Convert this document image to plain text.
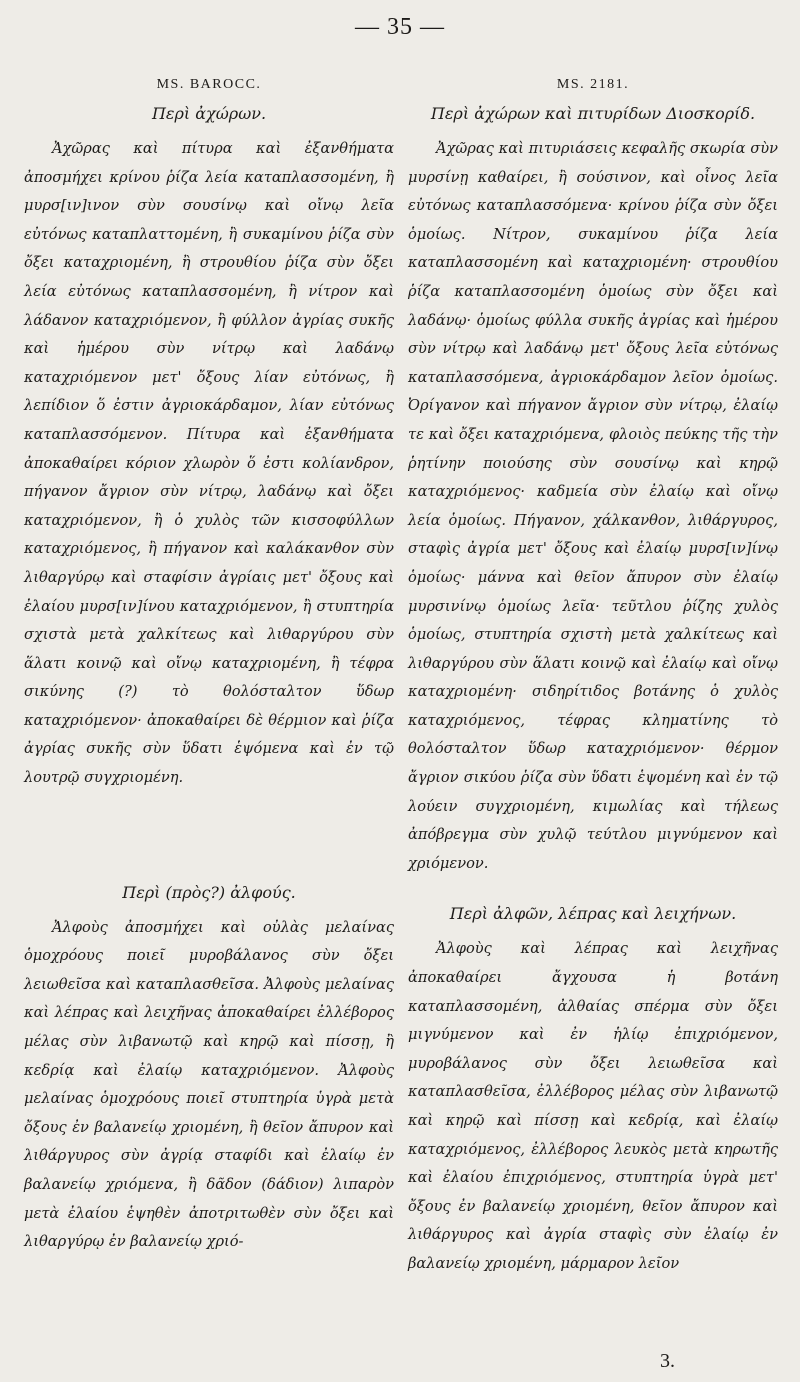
— 35 —
MS. BAROCC.
Περὶ ἀχώρων.

Ἀχῶρας καὶ πίτυρα καὶ ἐξανθήματα ἀποσμήχει κρίνου ῥίζα λεία καταπλασσομένη, ἢ μυρσ[ιν]ινον σὺν σουσίνῳ καὶ οἴνῳ λεῖα εὐτόνως καταπλαττομένη, ἢ συκαμίνου ῥίζα σὺν ὄξει καταχριομένη, ἢ στρουθίου ῥίζα σὺν ὄξει λεία εὐτόνως καταπλασσομένη, ἢ νίτρον καὶ λάδανον καταχριόμενον, ἢ φύλλον ἀγρίας συκῆς καὶ ἡμέρου σὺν νίτρῳ καὶ λαδάνῳ καταχριόμενον μετ' ὄξους λίαν εὐτόνως, ἢ λεπίδιον ὅ ἐστιν ἀγριοκάρδαμον, λίαν εὐτόνως καταπλασσόμενον. Πίτυρα καὶ ἐξανθήματα ἀποκαθαίρει κόριον χλωρὸν ὅ ἐστι κολίανδρον, πήγανον ἄγριον σὺν νίτρῳ, λαδάνῳ καὶ ὄξει καταχριόμενον, ἢ ὁ χυλὸς τῶν κισσοφύλλων καταχριόμενος, ἢ πήγανον καὶ καλάκανθον σὺν λιθαργύρῳ καὶ σταφίσιν ἀγρίαις μετ' ὄξους καὶ ἐλαίου μυρσ[ιν]ίνου καταχριόμενον, ἢ στυπτηρία σχιστὰ μετὰ χαλκίτεως καὶ λιθαργύρου σὺν ἅλατι κοινῷ καὶ οἴνῳ καταχριομένη, ἢ τέφρα σικύνης (?) τὸ θολόσταλτον ὕδωρ καταχριόμενον· ἀποκαθαίρει δὲ θέρμιον καὶ ῥίζα ἀγρίας συκῆς σὺν ὕδατι ἑψόμενα καὶ ἐν τῷ λουτρῷ συγχριομένη.

Περὶ (πρὸς?) ἀλφούς.

Ἀλφοὺς ἀποσμήχει καὶ οὐλὰς μελαίνας ὁμοχρόους ποιεῖ μυροβάλανος σὺν ὄξει λειωθεῖσα καὶ καταπλασθεῖσα. Ἀλφοὺς μελαίνας καὶ λέπρας καὶ λειχῆνας ἀποκαθαίρει ἐλλέβορος μέλας σὺν λιβανωτῷ καὶ κηρῷ καὶ πίσσῃ, ἢ κεδρίᾳ καὶ ἐλαίῳ καταχριόμενον. Ἀλφοὺς μελαίνας ὁμοχρόους ποιεῖ στυπτηρία ὑγρὰ μετὰ ὄξους ἐν βαλανείῳ χριομένη, ἢ θεῖον ἄπυρον καὶ λιθάργυρος σὺν ἀγρίᾳ σταφίδι καὶ ἐλαίῳ ἐν βαλανείῳ χριόμενα, ἢ δᾶδον (δάδιον) λιπαρὸν μετὰ ἐλαίου ἑψηθὲν ἀποτριτωθὲν σὺν ὄξει καὶ λιθαργύρῳ ἐν βαλανείῳ χριό-

MS. 2181.
Περὶ ἀχώρων καὶ πιτυρίδων Διοσκορίδ.

Ἀχῶρας καὶ πιτυριάσεις κεφαλῆς σκωρία σὺν μυρσίνῃ καθαίρει, ἢ σούσινον, καὶ οἶνος λεῖα εὐτόνως καταπλασσόμενα· κρίνου ῥίζα σὺν ὄξει ὁμοίως. Νίτρον, συκαμίνου ῥίζα λεία καταπλασσομένη καὶ καταχριομένη· στρουθίου ῥίζα καταπλασσομένη ὁμοίως σὺν ὄξει καὶ λαδάνῳ· ὁμοίως φύλλα συκῆς ἀγρίας καὶ ἡμέρου σὺν νίτρῳ καὶ λαδάνῳ μετ' ὄξους λεῖα εὐτόνως καταπλασσόμενα, ἀγριοκάρδαμον λεῖον ὁμοίως. Ὀρίγανον καὶ πήγανον ἄγριον σὺν νίτρῳ, ἐλαίῳ τε καὶ ὄξει καταχριόμενα, φλοιὸς πεύκης τῆς τὴν ῥητίνην ποιούσης σὺν σουσίνῳ καὶ κηρῷ καταχριόμενος· καδμεία σὺν ἐλαίῳ καὶ οἴνῳ λεία ὁμοίως. Πήγανον, χάλκανθον, λιθάργυρος, σταφὶς ἀγρία μετ' ὄξους καὶ ἐλαίῳ μυρσ[ιν]ίνῳ ὁμοίως· μάννα καὶ θεῖον ἄπυρον σὺν ἐλαίῳ μυρσινίνῳ ὁμοίως λεῖα· τεῦτλου ῥίζης χυλὸς ὁμοίως, στυπτηρία σχιστὴ μετὰ χαλκίτεως καὶ λιθαργύρου σὺν ἅλατι κοινῷ καὶ ἐλαίῳ καὶ οἴνῳ καταχριομένη· σιδηρίτιδος βοτάνης ὁ χυλὸς καταχριόμενος, τέφρας κληματίνης τὸ θολόσταλτον ὕδωρ καταχριόμενον· θέρμον ἄγριον σικύου ῥίζα σὺν ὕδατι ἑψομένη καὶ ἐν τῷ λούειν συγχριομένη, κιμωλίας καὶ τήλεως ἀπόβρεγμα σὺν χυλῷ τεύτλου μιγνύμενον καὶ χριόμενον.

Περὶ ἀλφῶν, λέπρας καὶ λειχήνων.

Ἀλφοὺς καὶ λέπρας καὶ λειχῆνας ἀποκαθαίρει ἄγχουσα ἡ βοτάνη καταπλασσομένη, ἀλθαίας σπέρμα σὺν ὄξει μιγνύμενον καὶ ἐν ἡλίῳ ἐπιχριόμενον, μυροβάλανος σὺν ὄξει λειωθεῖσα καὶ καταπλασθεῖσα, ἐλλέβορος μέλας σὺν λιβανωτῷ καὶ κηρῷ καὶ πίσσῃ καὶ κεδρίᾳ, καὶ ἐλαίῳ καταχριόμενος, ἐλλέβορος λευκὸς μετὰ κηρωτῆς καὶ ἐλαίου ἐπιχριόμενος, στυπτηρία ὑγρὰ μετ' ὄξους ἐν βαλανείῳ χριομένη, θεῖον ἄπυρον καὶ λιθάργυρος καὶ ἀγρία σταφὶς σὺν ἐλαίῳ ἐν βαλανείῳ χριομένη, μάρμαρον λεῖον

3.
